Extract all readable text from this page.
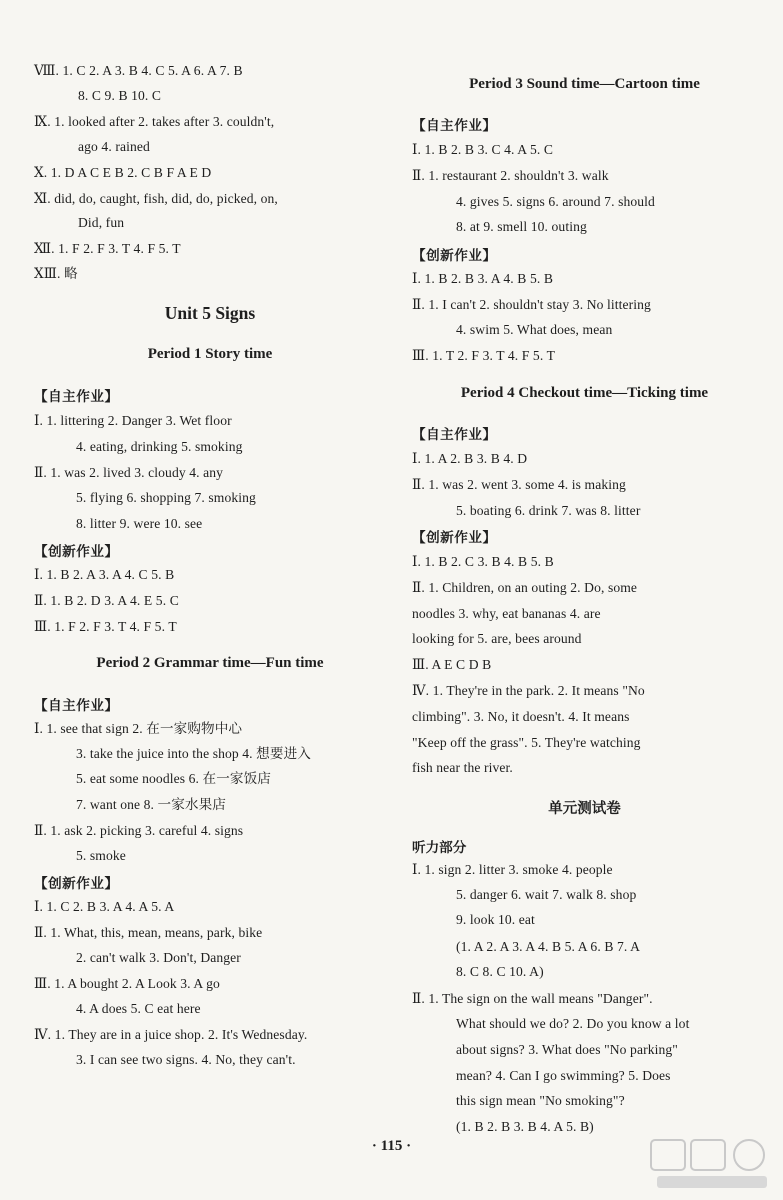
Ⅷ. 1. C 2. A 3. B 4. C 5. A 6. A 7. B
8. C 9. B 10. C
Ⅸ. 1. looked after 2. takes after 3. couldn't,
ago 4. rained
Ⅹ. 1. D A C E B 2. C B F A E D
Ⅺ. did, do, caught, fish, did, do, picked, on,
Did, fun
Ⅻ. 1. F 2. F 3. T 4. F 5. T
ⅩⅢ. 略
Unit 5 Signs
Period 1 Story time
【自主作业】
Ⅰ. 1. littering 2. Danger 3. Wet floor
4. eating, drinking 5. smoking
Ⅱ. 1. was 2. lived 3. cloudy 4. any
5. flying 6. shopping 7. smoking
8. litter 9. were 10. see
【创新作业】
Ⅰ. 1. B 2. A 3. A 4. C 5. B
Ⅱ. 1. B 2. D 3. A 4. E 5. C
Ⅲ. 1. F 2. F 3. T 4. F 5. T
Period 2 Grammar time—Fun time
【自主作业】
Ⅰ. 1. see that sign 2. 在一家购物中心
3. take the juice into the shop 4. 想要进入
5. eat some noodles 6. 在一家饭店
7. want one 8. 一家水果店
Ⅱ. 1. ask 2. picking 3. careful 4. signs
5. smoke
【创新作业】
Ⅰ. 1. C 2. B 3. A 4. A 5. A
Ⅱ. 1. What, this, mean, means, park, bike
2. can't walk 3. Don't, Danger
Ⅲ. 1. A bought 2. A Look 3. A go
4. A does 5. C eat here
Ⅳ. 1. They are in a juice shop. 2. It's Wednesday.
3. I can see two signs. 4. No, they can't.
Period 3 Sound time—Cartoon time
【自主作业】
Ⅰ. 1. B 2. B 3. C 4. A 5. C
Ⅱ. 1. restaurant 2. shouldn't 3. walk
4. gives 5. signs 6. around 7. should
8. at 9. smell 10. outing
【创新作业】
Ⅰ. 1. B 2. B 3. A 4. B 5. B
Ⅱ. 1. I can't 2. shouldn't stay 3. No littering
4. swim 5. What does, mean
Ⅲ. 1. T 2. F 3. T 4. F 5. T
Period 4 Checkout time—Ticking time
【自主作业】
Ⅰ. 1. A 2. B 3. B 4. D
Ⅱ. 1. was 2. went 3. some 4. is making
5. boating 6. drink 7. was 8. litter
【创新作业】
Ⅰ. 1. B 2. C 3. B 4. B 5. B
Ⅱ. 1. Children, on an outing 2. Do, some
noodles 3. why, eat bananas 4. are
looking for 5. are, bees around
Ⅲ. A E C D B
Ⅳ. 1. They're in the park. 2. It means "No
climbing". 3. No, it doesn't. 4. It means
"Keep off the grass". 5. They're watching
fish near the river.
单元测试卷
听力部分
Ⅰ. 1. sign 2. litter 3. smoke 4. people
5. danger 6. wait 7. walk 8. shop
9. look 10. eat
(1. A 2. A 3. A 4. B 5. A 6. B 7. A
8. C 8. C 10. A)
Ⅱ. 1. The sign on the wall means "Danger".
What should we do? 2. Do you know a lot
about signs? 3. What does "No parking"
mean? 4. Can I go swimming? 5. Does
this sign mean "No smoking"?
(1. B 2. B 3. B 4. A 5. B)
· 115 ·
